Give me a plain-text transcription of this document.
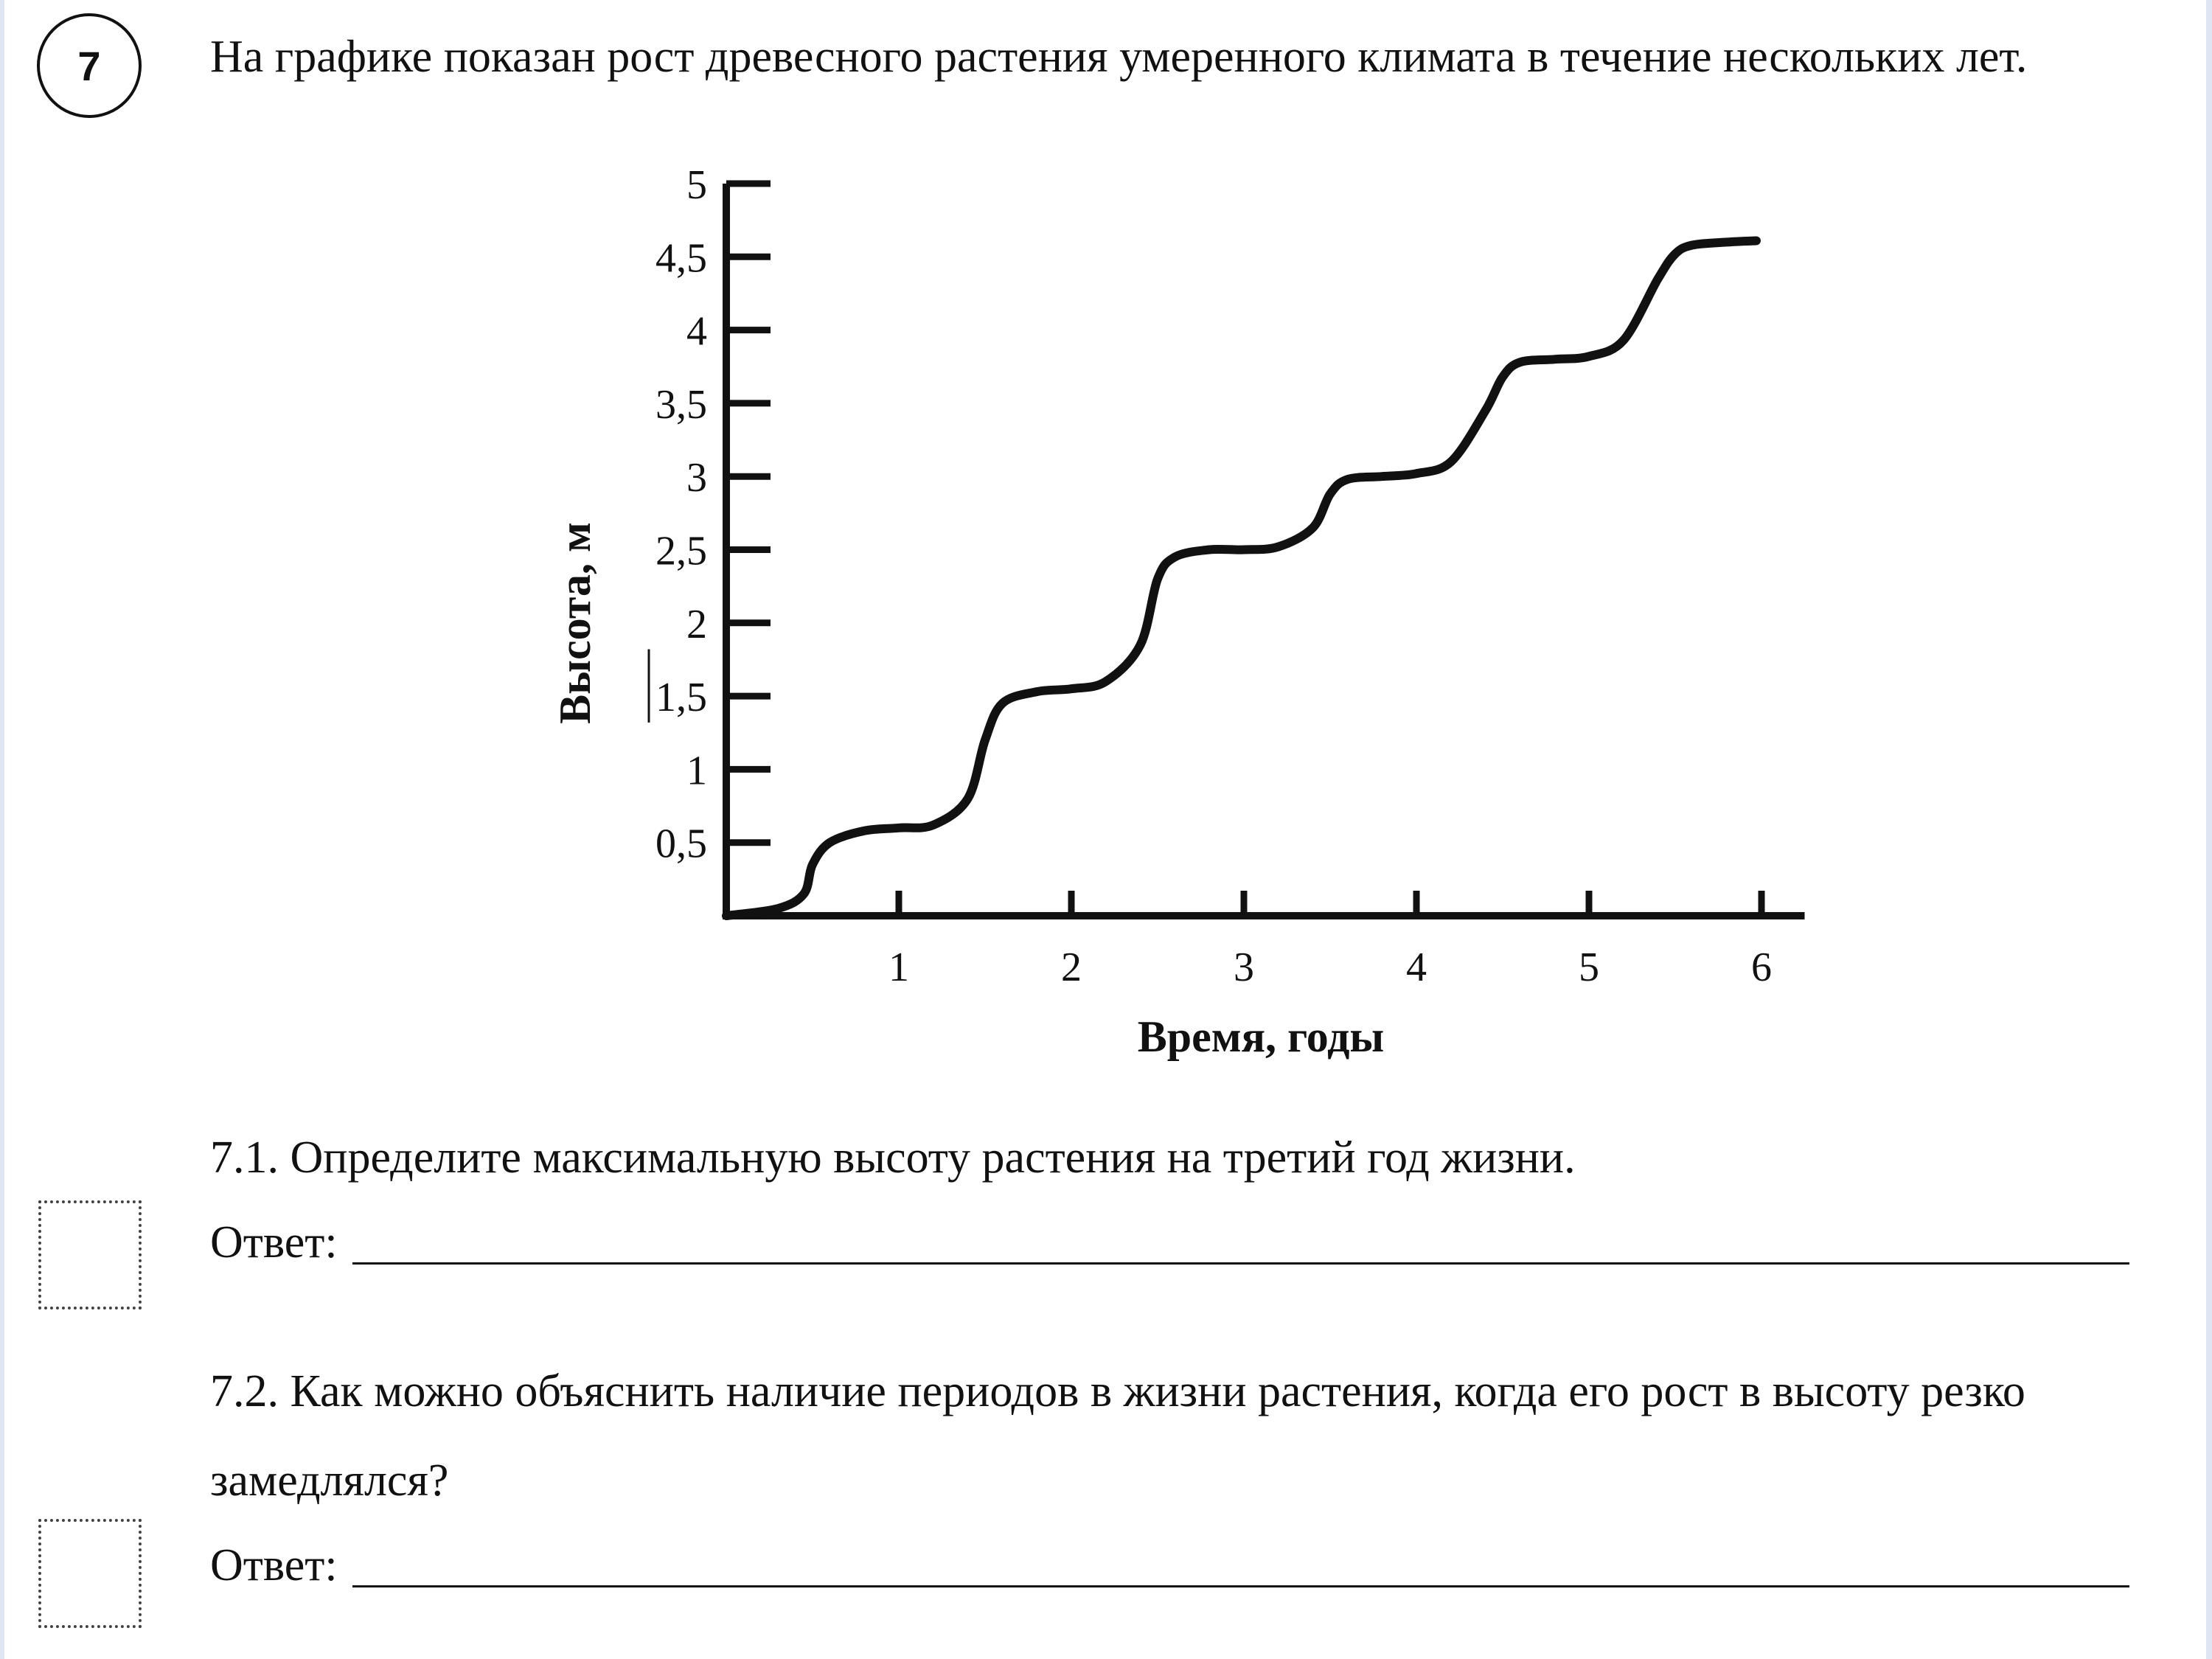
7 На графике показан рост древесного растения умеренного климата в течение нескольких лет.
0,5
1
1,5
2
2,5
3
3,5
4
4,5
5
1	2	3	4	5	6
Время, годы
Высота, м
7.1. Определите максимальную высоту растения на третий год жизни.
Ответ:
7.2. Как можно объяснить наличие периодов в жизни растения, когда его рост в высоту резко
замедлялся?
Ответ:
